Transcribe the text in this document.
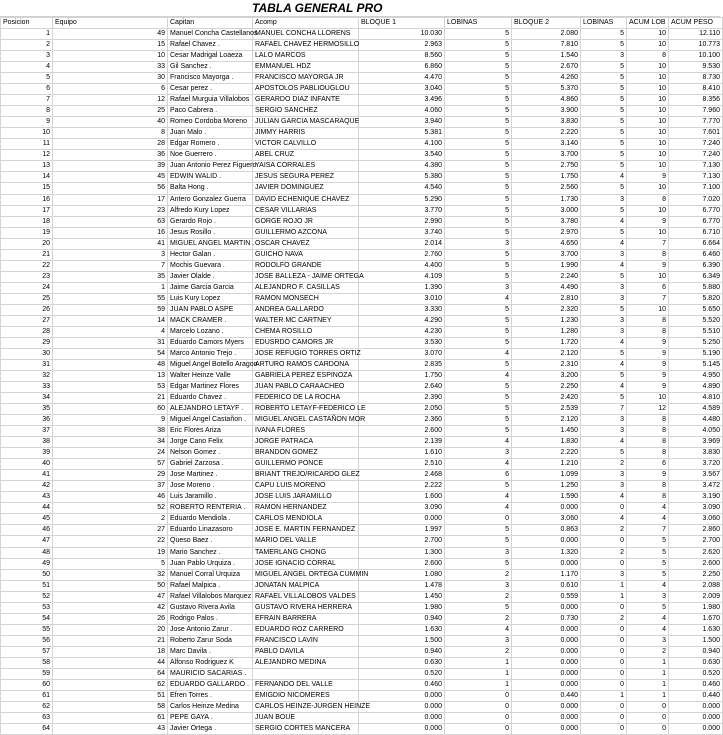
TABLA GENERAL PRO
Posicion	Equipo	Capitan	Acomp	BLOQUE 1	LOBINAS	BLOQUE 2	LOBINAS	ACUM LOB	ACUM PESO
1	49	Manuel Concha Castellanos	MANUEL CONCHA LLORENS	10.030	5	2.080	5	10	12.110
2	15	Rafael Chavez .	RAFAEL CHAVEZ HERMOSILLO	2.963	5	7.810	5	10	10.773
3	10	Cesar Madrigal Loaeza	LALO MARCOS	8.560	5	1.540	3	8	10.100
4	33	Gil Sanchez .	EMMANUEL HDZ	6.860	5	2.670	5	10	9.530
5	30	Francisco Mayorga .	FRANCISCO MAYORGA JR	4.470	5	4.260	5	10	8.730
6	6	Cesar perez .	APOSTOLOS PABLIOUGLOU	3.040	5	5.370	5	10	8.410
7	12	Rafael Murguia Villalobos	GERARDO DIAZ INFANTE	3.496	5	4.860	5	10	8.356
8	25	Paco Cabrera .	SERGIO SANCHEZ	4.060	5	3.900	5	10	7.960
9	40	Romeo Cordoba Moreno	JULIAN GARCIA MASCARAQUE	3.940	5	3.830	5	10	7.770
10	8	Juan Malo .	JIMMY HARRIS	5.381	5	2.220	5	10	7.601
11	28	Edgar Romero .	VICTOR CALVILLO	4.100	5	3.140	5	10	7.240
12	36	Noe Guerrero .	ABEL CRUZ	3.540	5	3.700	5	10	7.240
13	39	Juan Antonio Perez Figuero	YAISA CORRALES	4.380	5	2.750	5	10	7.130
14	45	EDWIN WALID .	JESUS SEGURA PEREZ	5.380	5	1.750	4	9	7.130
15	56	Balta Hong .	JAVIER DOMINGUEZ	4.540	5	2.560	5	10	7.100
16	17	Antero Gonzalez Guerra	DAVID ECHENIQUE CHAVEZ	5.290	5	1.730	3	8	7.020
17	23	Alfredo Kury Lopez	CESAR VILLARIAS	3.770	5	3.000	5	10	6.770
18	63	Gerardo Rojo .	GORGE ROJO JR	2.990	5	3.780	4	9	6.770
19	16	Jesus Rosillo .	GUILLERMO AZCONA	3.740	5	2.970	5	10	6.710
20	41	MIGUEL ANGEL MARTIN .	OSCAR CHAVEZ	2.014	3	4.650	4	7	6.664
21	3	Hector Galan .	GUICHO NAVA	2.760	5	3.700	3	8	6.460
22	7	Mochis Guevara .	RODOLFO GRANDE	4.400	5	1.990	4	9	6.390
23	35	Javier Olalde .	JOSE BALLEZA - JAIME ORTEGA	4.109	5	2.240	5	10	6.349
24	1	Jaime Garcia Garcia	ALEJANDRO F. CASILLAS	1.390	3	4.490	3	6	5.880
25	55	Luis Kury Lopez	RAMON MONSECH	3.010	4	2.810	3	7	5.820
26	59	JUAN PABLO ASPE	ANDREA GALLARDO	3.330	5	2.320	5	10	5.650
27	14	MACK CRAMER .	WALTER MC CARTNEY	4.290	5	1.230	3	8	5.520
28	4	Marcelo Lozano .	CHEMA ROSILLO	4.230	5	1.280	3	8	5.510
29	31	Eduardo Camors Myers	EDUSRDO CAMORS JR	3.530	5	1.720	4	9	5.250
30	54	Marco Antonio Trejo .	JOSE REFUGIO TORRES ORTIZ	3.070	4	2.120	5	9	5.190
31	48	Miguel Angel Botello Aragon	ARTURO RAMOS CARDONA	2.835	5	2.310	4	9	5.145
32	13	Walter Heinze Valle	GABRIELA PEREZ ESPINOZA	1.750	4	3.200	5	9	4.950
33	53	Edgar Martinez Flores	JUAN PABLO CARAACHEO	2.640	5	2.250	4	9	4.890
34	21	Eduardo Chavez .	FEDERICO DE LA ROCHA	2.390	5	2.420	5	10	4.810
35	60	ALEJANDRO LETAYF .	ROBERTO LETAYF-FEDERICO LE	2.050	5	2.539	7	12	4.589
36	9	Miguel Angel Castañon .	MIGUEL ANGEL CASTAÑON MOR	2.360	5	2.120	3	8	4.480
37	38	Eric Flores Ariza	IVANA FLORES	2.600	5	1.450	3	8	4.050
38	34	Jorge Cano Felix	JORGE PATRACA	2.139	4	1.830	4	8	3.969
39	24	Nelson Gomez .	BRANDON GOMEZ	1.610	3	2.220	5	8	3.830
40	57	Gabriel Zarzosa .	GUILLERMO PONCE	2.510	4	1.210	2	6	3.720
41	29	Jose Martinez .	BRIANT TREJO/RICARDO GLEZ	2.468	6	1.099	3	9	3.567
42	37	Jose Moreno .	CAPU LUIS MORENO	2.222	5	1.250	3	8	3.472
43	46	Luis Jaramillo .	JOSE LUIS JARAMILLO	1.600	4	1.590	4	8	3.190
44	52	ROBERTO RENTERIA .	RAMON HERNANDEZ	3.090	4	0.000	0	4	3.090
45	2	Eduardo Mendiola .	CARLOS MENDIOLA	0.000	0	3.060	4	4	3.060
46	27	Eduardo Linazasoro	JOSE E. MARTIN FERNANDEZ	1.997	5	0.863	2	7	2.860
47	22	Queso Baez .	MARIO DEL VALLE	2.700	5	0.000	0	5	2.700
48	19	Mario Sanchez .	TAMERLANG CHONG	1.300	3	1.320	2	5	2.620
49	5	Juan Pablo Urquiza .	JOSE IGNACIO CORRAL	2.600	5	0.000	0	5	2.600
50	32	Manuel Corral Urquiza	MIGUEL ANGEL ORTEGA CUMMIN	1.080	2	1.170	3	5	2.250
51	50	Rafael Malpica .	JONATAN MALPICA	1.478	3	0.610	1	4	2.088
52	47	Rafael Villalobos Marquez	RAFAEL VILLALOBOS VALDES	1.450	2	0.559	1	3	2.009
53	42	Gustavo Rivera Avila	GUSTAVO RIVERA HERRERA	1.980	5	0.000	0	5	1.980
54	26	Rodrigo Palos .	EFRAIN BARRERA	0.940	2	0.730	2	4	1.670
55	20	Jose Antonio Zarur .	EDUARDO ROZ CARRERO	1.630	4	0.000	0	4	1.630
56	21	Roberto Zarur Soda	FRANCISCO LAVIN	1.500	3	0.000	0	3	1.500
57	18	Marc Davila .	PABLO DAVILA	0.940	2	0.000	0	2	0.940
58	44	Alfonso Rodriguez K	ALEJANDRO MEDINA	0.630	1	0.000	0	1	0.630
59	64	MAURICIO SACARIAS .		0.520	1	0.000	0	1	0.520
60	62	EDUARDO GALLARDO .	FERNANDO DEL VALLE	0.460	1	0.000	0	1	0.460
61	51	Efren Torres .	EMIGDIO NICOMERES	0.000	0	0.440	1	1	0.440
62	58	Carlos Heinze Medina	CARLOS HEINZE-JURGEN HEINZE	0.000	0	0.000	0	0	0.000
63	61	PEPE GAYA .	JUAN BOUE	0.000	0	0.000	0	0	0.000
64	43	Javier Ortega .	SERGIO CORTES MANCERA	0.000	0	0.000	0	0	0.000
